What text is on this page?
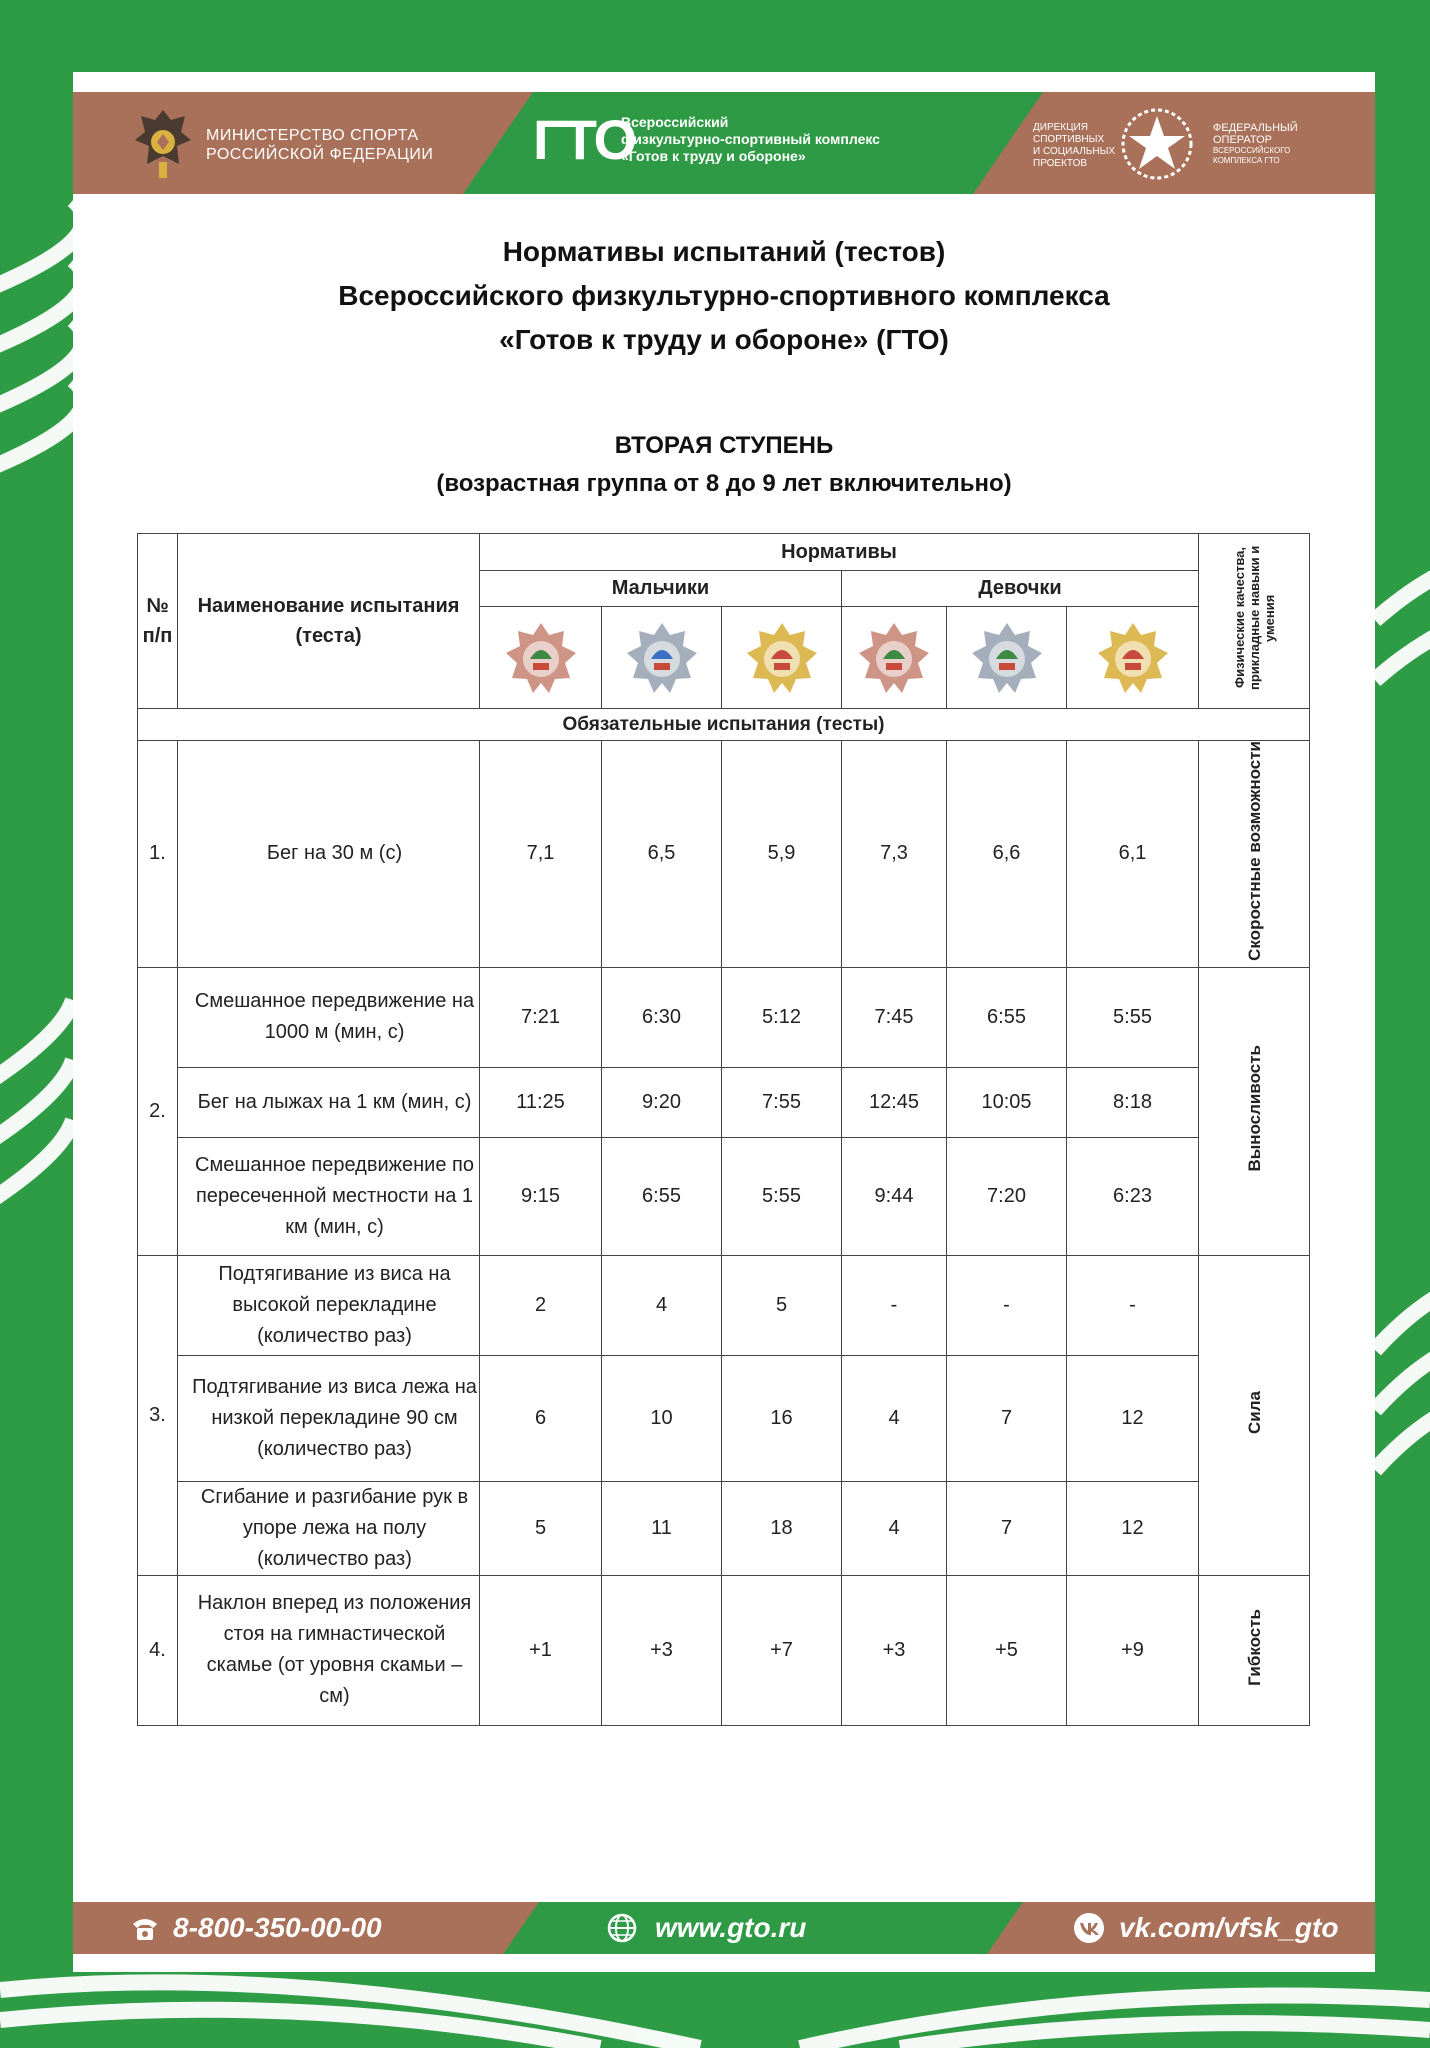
МИНИСТЕРСТВО СПОРТА
РОССИЙСКОЙ ФЕДЕРАЦИИ ГТО
Всероссийский
физкультурно-спортивный комплекс
«Готов к труду и обороне»
ДИРЕКЦИЯ
СПОРТИВНЫХ
И СОЦИАЛЬНЫХ
ПРОЕКТОВ
ФЕДЕРАЛЬНЫЙ
ОПЕРАТОР
ВСЕРОССИЙСКОГО
КОМПЛЕКСА ГТО
Нормативы испытаний (тестов)
Всероссийского физкультурно-спортивного комплекса
«Готов к труду и обороне» (ГТО)
ВТОРАЯ СТУПЕНЬ
(возрастная группа от 8 до 9 лет включительно)
№ п/п	Наименование испытания (теста)	Нормативы						Физические качества, прикладные навыки и умения
		Мальчики			Девочки			

Обязательные испытания (тесты)								
1.	Бег на 30 м (с)	7,1	6,5	5,9	7,3	6,6	6,1	Скоростные возможности
2.	Смешанное передвижение на 1000 м (мин, с)	7:21	6:30	5:12	7:45	6:55	5:55	Выносливость
	Бег на лыжах на 1 км (мин, с)	11:25	9:20	7:55	12:45	10:05	8:18	
	Смешанное передвижение по пересеченной местности на 1 км (мин, с)	9:15	6:55	5:55	9:44	7:20	6:23	
3.	Подтягивание из виса на высокой перекладине (количество раз)	2	4	5	-	-	-	Сила
	Подтягивание из виса лежа на низкой перекладине 90 см (количество раз)	6	10	16	4	7	12	
	Сгибание и разгибание рук в упоре лежа на полу (количество раз)	5	11	18	4	7	12	
4.	Наклон вперед из положения стоя на гимнастической скамье (от уровня скамьи – см)	+1	+3	+7	+3	+5	+9	Гибкость
8-800-350-00-00	www.gto.ru	vk.com/vfsk_gto
